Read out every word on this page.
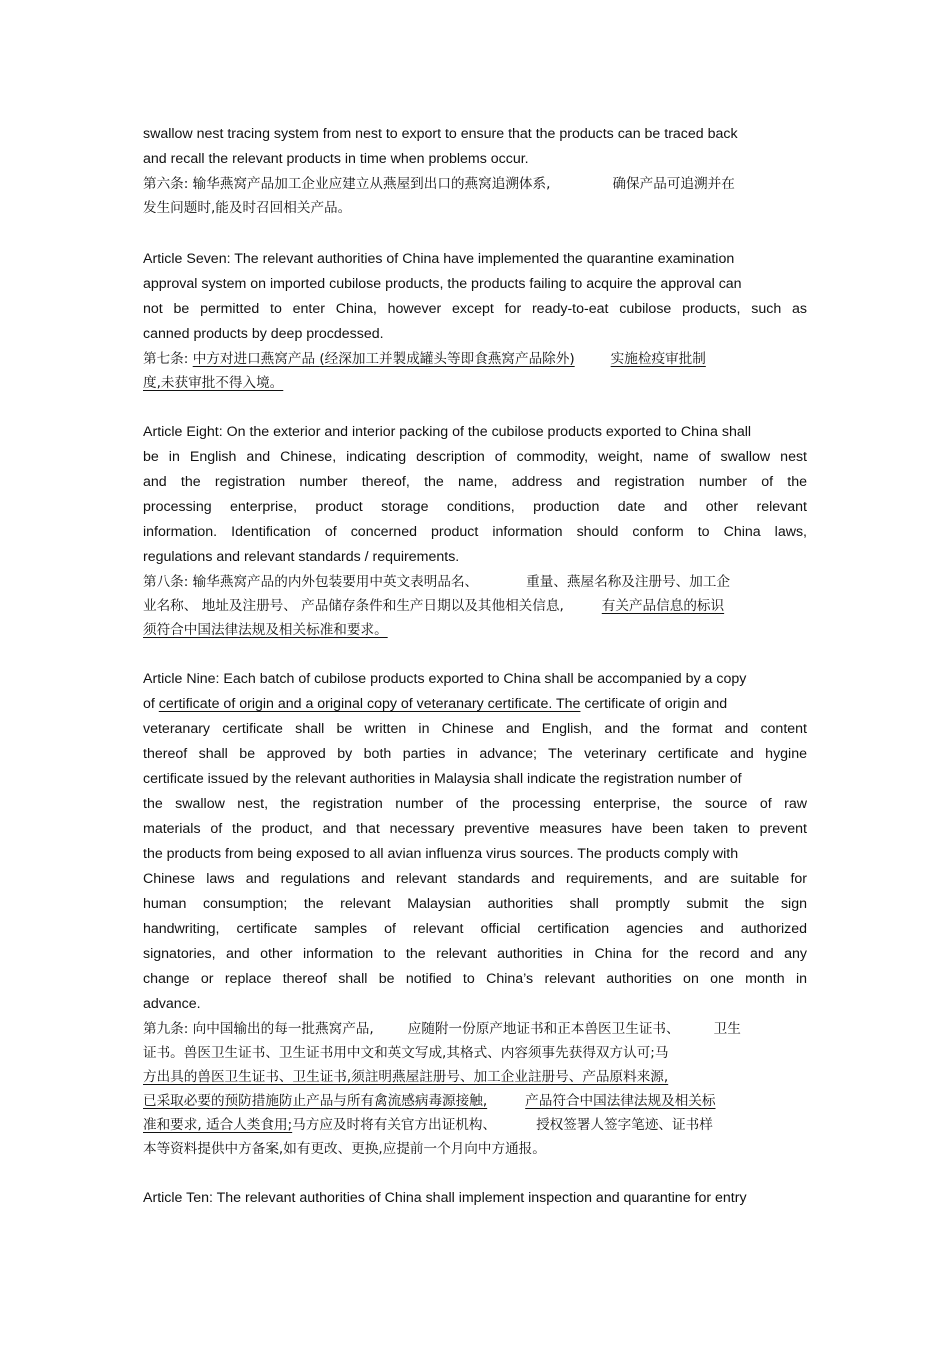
swallow nest tracing system from nest to export to ensure that the products can be traced back
and recall the relevant products in time when problems occur.
第六条: 输华燕窝产品加工企业应建立从燕屋到出口的燕窝追溯体系,	确保产品可追溯并在
发生问题时,能及时召回相关产品。
Article Seven: The relevant authorities of China have implemented the quarantine examination
approval system on imported cubilose products, the products failing to acquire the approval can
not be permitted to enter China, however except for ready-to-eat cubilose products, such as
canned products by deep procdessed.
第七条: 中方对进口燕窝产品 (经深加工并製成罐头等即食燕窝产品除外)	实施检疫审批制
度,未获审批不得入境。
Article Eight: On the exterior and interior packing of the cubilose products exported to China shall
be in English and Chinese, indicating description of commodity, weight, name of swallow nest
and the registration number thereof, the name, address and registration number of the
processing enterprise, product storage conditions, production date and other relevant
information. Identification of concerned product information should conform to China laws,
regulations and relevant standards / requirements.
第八条: 输华燕窝产品的内外包装要用中英文表明品名、	重量、燕屋名称及注册号、加工企
业名称、 地址及注册号、 产品储存条件和生产日期以及其他相关信息,	有关产品信息的标识
须符合中国法律法规及相关标准和要求。
Article Nine: Each batch of cubilose products exported to China shall be accompanied by a copy
of certificate of origin and a original copy of veteranary certificate. The certificate of origin and
veteranary certificate shall be written in Chinese and English, and the format and content
thereof shall be approved by both parties in advance; The veterinary certificate and hygine
certificate issued by the relevant authorities in Malaysia shall indicate the registration number of
the swallow nest, the registration number of the processing enterprise, the source of raw
materials of the product, and that necessary preventive measures have been taken to prevent
the products from being exposed to all avian influenza virus sources. The products comply with
Chinese laws and regulations and relevant standards and requirements, and are suitable for
human consumption; the relevant Malaysian authorities shall promptly submit the sign
handwriting, certificate samples of relevant official certification agencies and authorized
signatories, and other information to the relevant authorities in China for the record and any
change or replace thereof shall be notified to China’s relevant authorities on one month in
advance.
第九条: 向中国输出的每一批燕窝产品,	应随附一份原产地证书和正本兽医卫生证书、	卫生
证书。兽医卫生证书、卫生证书用中文和英文写成,其格式、内容须事先获得双方认可;马
方出具的兽医卫生证书、卫生证书,须註明燕屋註册号、加工企业註册号、产品原料来源,
已采取必要的预防措施防止产品与所有禽流感病毒源接触,	产品符合中国法律法规及相关标
准和要求, 适合人类食用;马方应及时将有关官方出证机构、	授权签署人签字笔迹、证书样
本等资料提供中方备案,如有更改、更换,应提前一个月向中方通报。
Article Ten: The relevant authorities of China shall implement inspection and quarantine for entry
